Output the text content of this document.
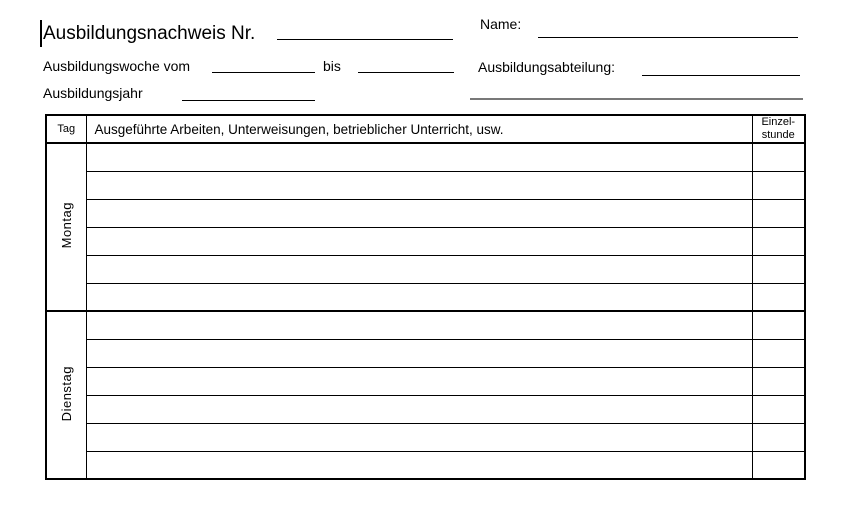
Ausbildungsnachweis Nr.	Name:
Ausbildungswoche vom	bis	Ausbildungsabteilung:
Ausbildungsjahr
Tag	Ausgeführte Arbeiten, Unterweisungen, betrieblicher Unterricht, usw.	Einzel-
stunde
Montag		

Dienstag		
